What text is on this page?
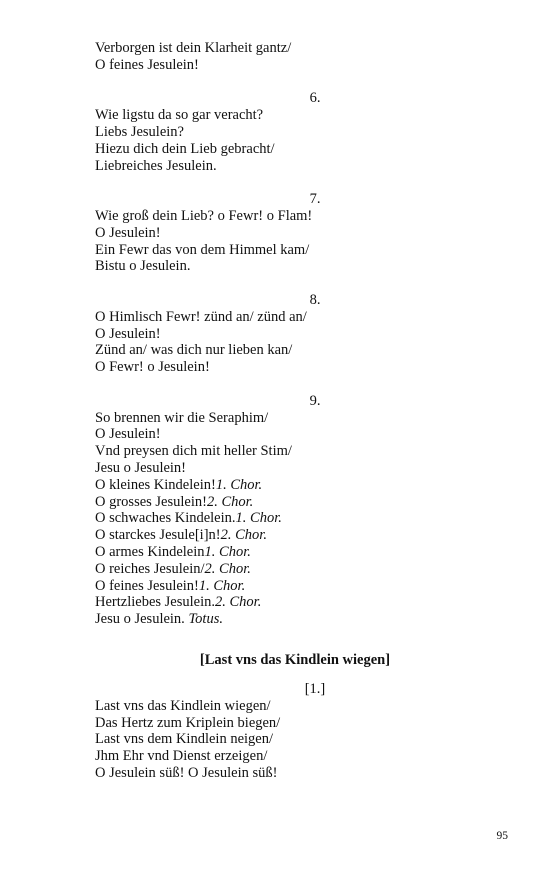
Verborgen ist dein Klarheit gantz/
O feines Jesulein!
6.
Wie ligstu da so gar veracht?
Liebs Jesulein?
Hiezu dich dein Lieb gebracht/
Liebreiches Jesulein.
7.
Wie groß dein Lieb? o Fewr! o Flam!
O Jesulein!
Ein Fewr das von dem Himmel kam/
Bistu o Jesulein.
8.
O Himlisch Fewr! zünd an/ zünd an/
O Jesulein!
Zünd an/ was dich nur lieben kan/
O Fewr! o Jesulein!
9.
So brennen wir die Seraphim/
O Jesulein!
Vnd preysen dich mit heller Stim/
Jesu o Jesulein!
O kleines Kindelein!1. Chor.
O grosses Jesulein!2. Chor.
O schwaches Kindelein.1. Chor.
O starckes Jesule[i]n!2. Chor.
O armes Kindelein1. Chor.
O reiches Jesulein/2. Chor.
O feines Jesulein!1. Chor.
Hertzliebes Jesulein.2. Chor.
Jesu o Jesulein. Totus.
[Last vns das Kindlein wiegen]
[1.]
Last vns das Kindlein wiegen/
Das Hertz zum Kriplein biegen/
Last vns dem Kindlein neigen/
Jhm Ehr vnd Dienst erzeigen/
O Jesulein süß! O Jesulein süß!
95
